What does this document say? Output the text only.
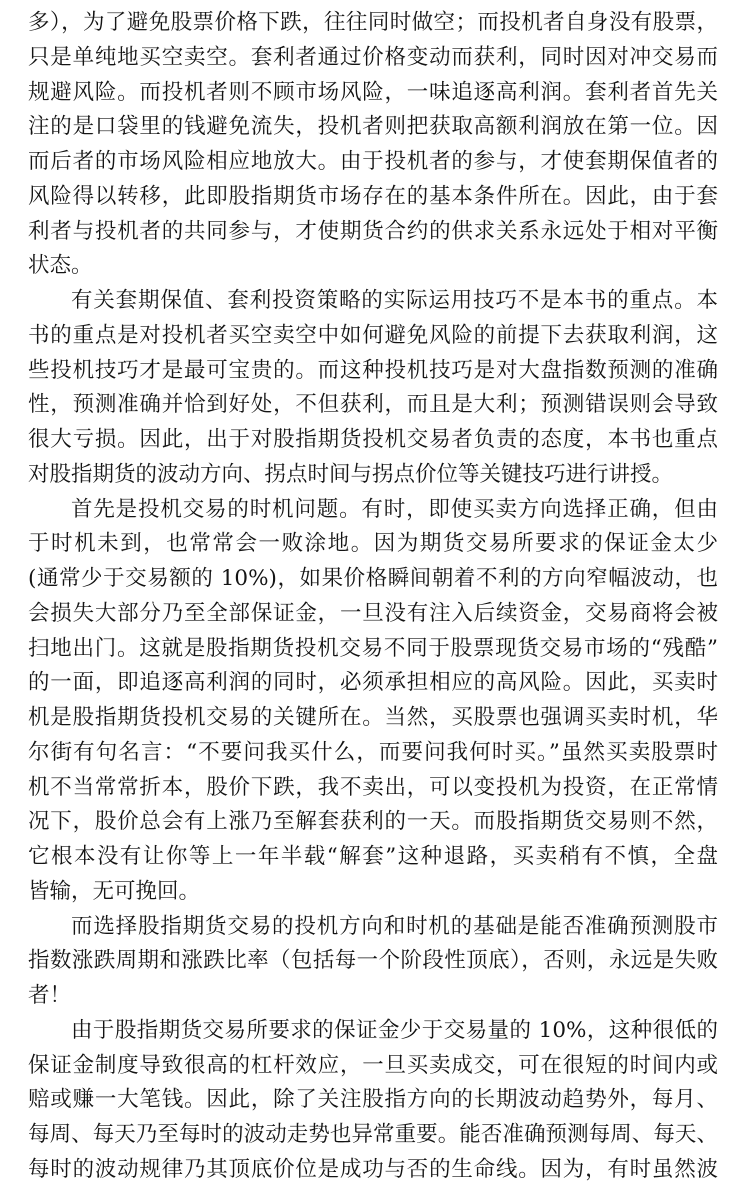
多），为了避免股票价格下跌，往往同时做空；而投机者自身没有股票，
只是单纯地买空卖空。套利者通过价格变动而获利，同时因对冲交易而
规避风险。而投机者则不顾市场风险，一味追逐高利润。套利者首先关
注的是口袋里的钱避免流失，投机者则把获取高额利润放在第一位。因
而后者的市场风险相应地放大。由于投机者的参与，才使套期保值者的
风险得以转移，此即股指期货市场存在的基本条件所在。因此，由于套
利者与投机者的共同参与，才使期货合约的供求关系永远处于相对平衡
状态。
有关套期保值、套利投资策略的实际运用技巧不是本书的重点。本
书的重点是对投机者买空卖空中如何避免风险的前提下去获取利润，这
些投机技巧才是最可宝贵的。而这种投机技巧是对大盘指数预测的准确
性，预测准确并恰到好处，不但获利，而且是大利；预测错误则会导致
很大亏损。因此，出于对股指期货投机交易者负责的态度，本书也重点
对股指期货的波动方向、拐点时间与拐点价位等关键技巧进行讲授。
首先是投机交易的时机问题。有时，即使买卖方向选择正确，但由
于时机未到，也常常会一败涂地。因为期货交易所要求的保证金太少
(通常少于交易额的 10%)，如果价格瞬间朝着不利的方向窄幅波动，也
会损失大部分乃至全部保证金，一旦没有注入后续资金，交易商将会被
扫地出门。这就是股指期货投机交易不同于股票现货交易市场的“残酷”
的一面，即追逐高利润的同时，必须承担相应的高风险。因此，买卖时
机是股指期货投机交易的关键所在。当然，买股票也强调买卖时机，华
尔街有句名言：“不要问我买什么，而要问我何时买。”虽然买卖股票时
机不当常常折本，股价下跌，我不卖出，可以变投机为投资，在正常情
况下，股价总会有上涨乃至解套获利的一天。而股指期货交易则不然，
它根本没有让你等上一年半载“解套”这种退路，买卖稍有不慎，全盘
皆输，无可挽回。
而选择股指期货交易的投机方向和时机的基础是能否准确预测股市
指数涨跌周期和涨跌比率（包括每一个阶段性顶底），否则，永远是失败
者！
由于股指期货交易所要求的保证金少于交易量的 10%，这种很低的
保证金制度导致很高的杠杆效应，一旦买卖成交，可在很短的时间内或
赔或赚一大笔钱。因此，除了关注股指方向的长期波动趋势外，每月、
每周、每天乃至每时的波动走势也异常重要。能否准确预测每周、每天、
每时的波动规律乃其顶底价位是成功与否的生命线。因为，有时虽然波
